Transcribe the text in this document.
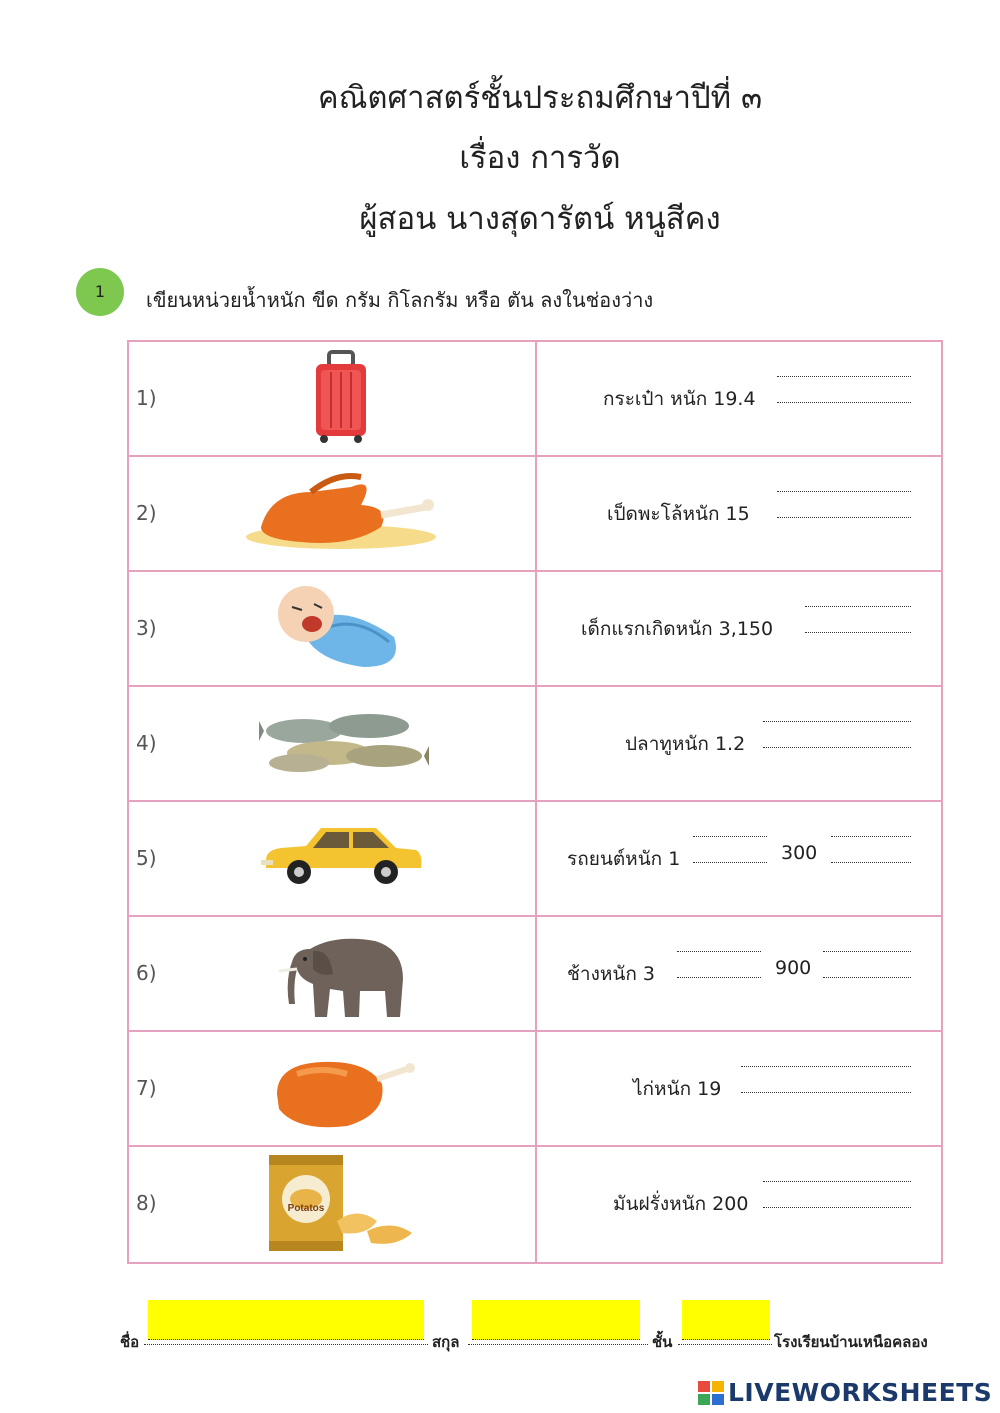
คณิตศาสตร์ชั้นประถมศึกษาปีที่ ๓
เรื่อง การวัด
ผู้สอน นางสุดารัตน์ หนูสีคง
1	เขียนหน่วยน้ำหนัก ขีด กรัม กิโลกรัม หรือ ตัน ลงในช่องว่าง
1)	กระเป๋า หนัก 19.4
2)	เป็ดพะโล้หนัก 15
3)	เด็กแรกเกิดหนัก 3,150
4)	ปลาทูหนัก 1.2
5)	รถยนต์หนัก 1	300
6)	ช้างหนัก 3	900
7)	ไก่หนัก 19
8)	Potatos	มันฝรั่งหนัก 200
ชื่อ	สกุล	ชั้น	โรงเรียนบ้านเหนือคลอง
LIVEWORKSHEETS
